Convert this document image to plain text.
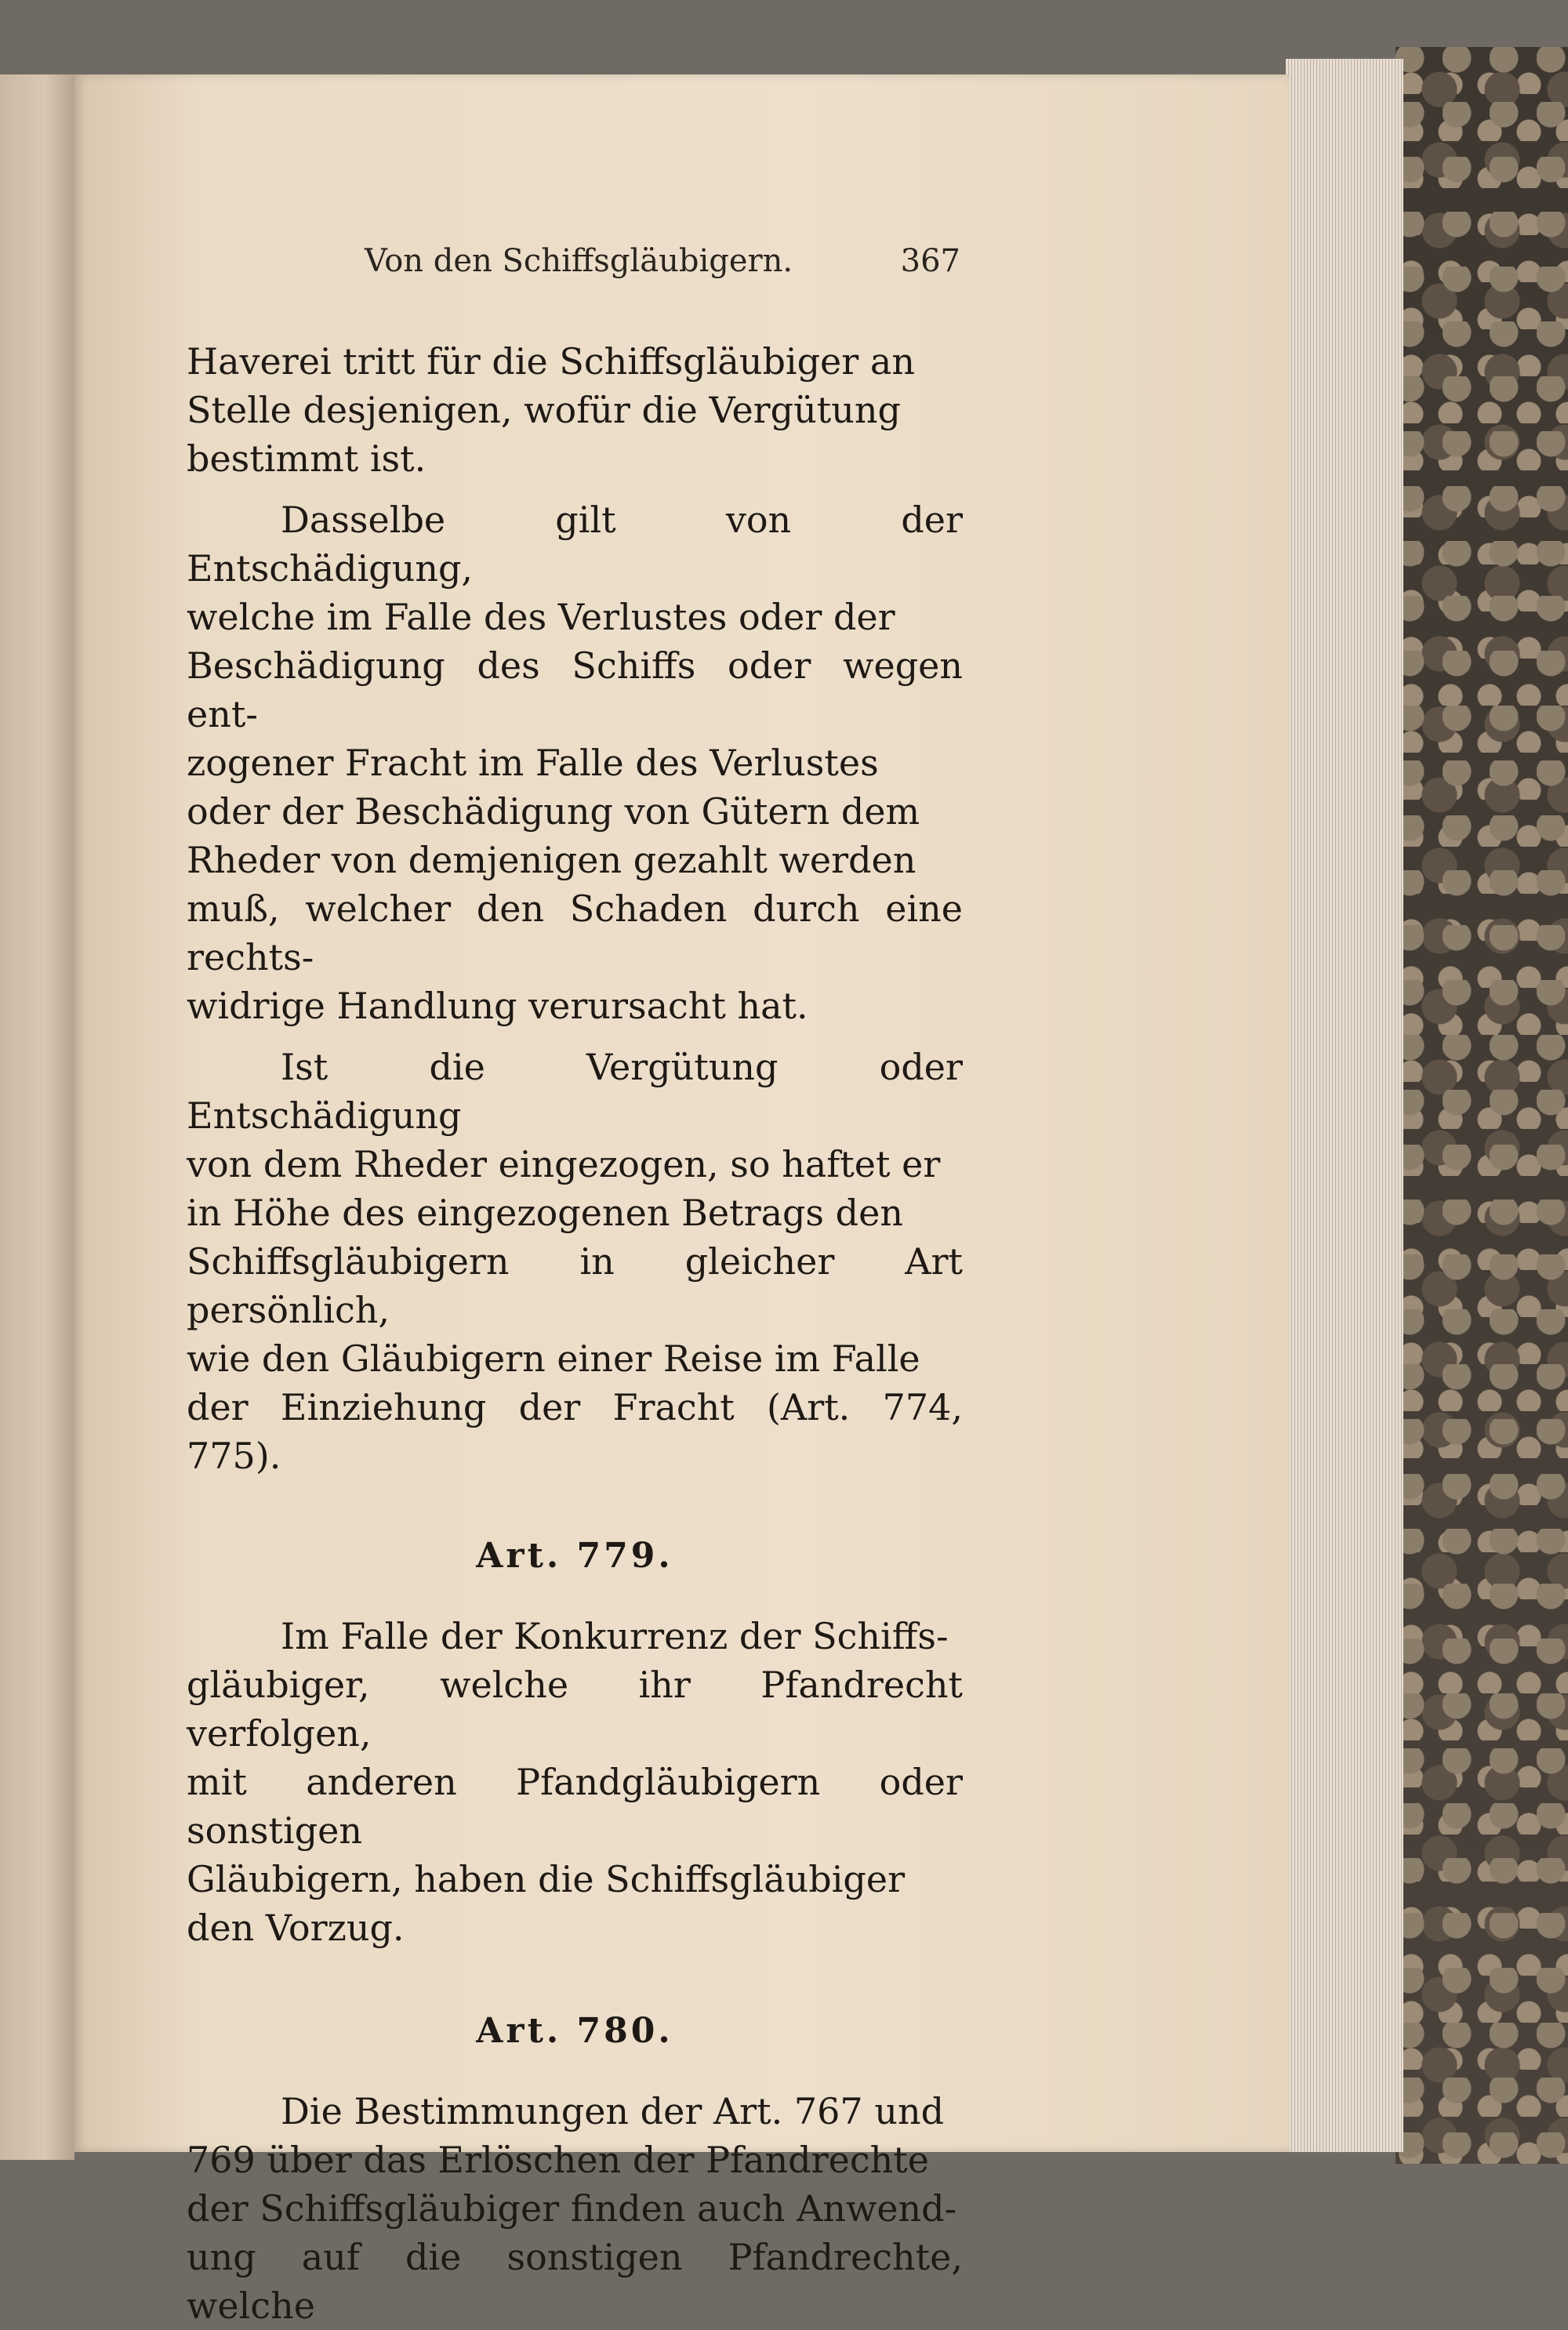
Von den Schiffsgläubigern.	367

Haverei tritt für die Schiffsgläubiger an
Stelle desjenigen, wofür die Vergütung
bestimmt ist.

Dasselbe gilt von der Entschädigung,
welche im Falle des Verlustes oder der
Beschädigung des Schiffs oder wegen ent-
zogener Fracht im Falle des Verlustes
oder der Beschädigung von Gütern dem
Rheder von demjenigen gezahlt werden
muß, welcher den Schaden durch eine rechts-
widrige Handlung verursacht hat.

Ist die Vergütung oder Entschädigung
von dem Rheder eingezogen, so haftet er
in Höhe des eingezogenen Betrags den
Schiffsgläubigern in gleicher Art persönlich,
wie den Gläubigern einer Reise im Falle
der Einziehung der Fracht (Art. 774, 775).

Art. 779.

Im Falle der Konkurrenz der Schiffs-
gläubiger, welche ihr Pfandrecht verfolgen,
mit anderen Pfandgläubigern oder sonstigen
Gläubigern, haben die Schiffsgläubiger
den Vorzug.

Art. 780.

Die Bestimmungen der Art. 767 und
769 über das Erlöschen der Pfandrechte
der Schiffsgläubiger finden auch Anwend-
ung auf die sonstigen Pfandrechte, welche
